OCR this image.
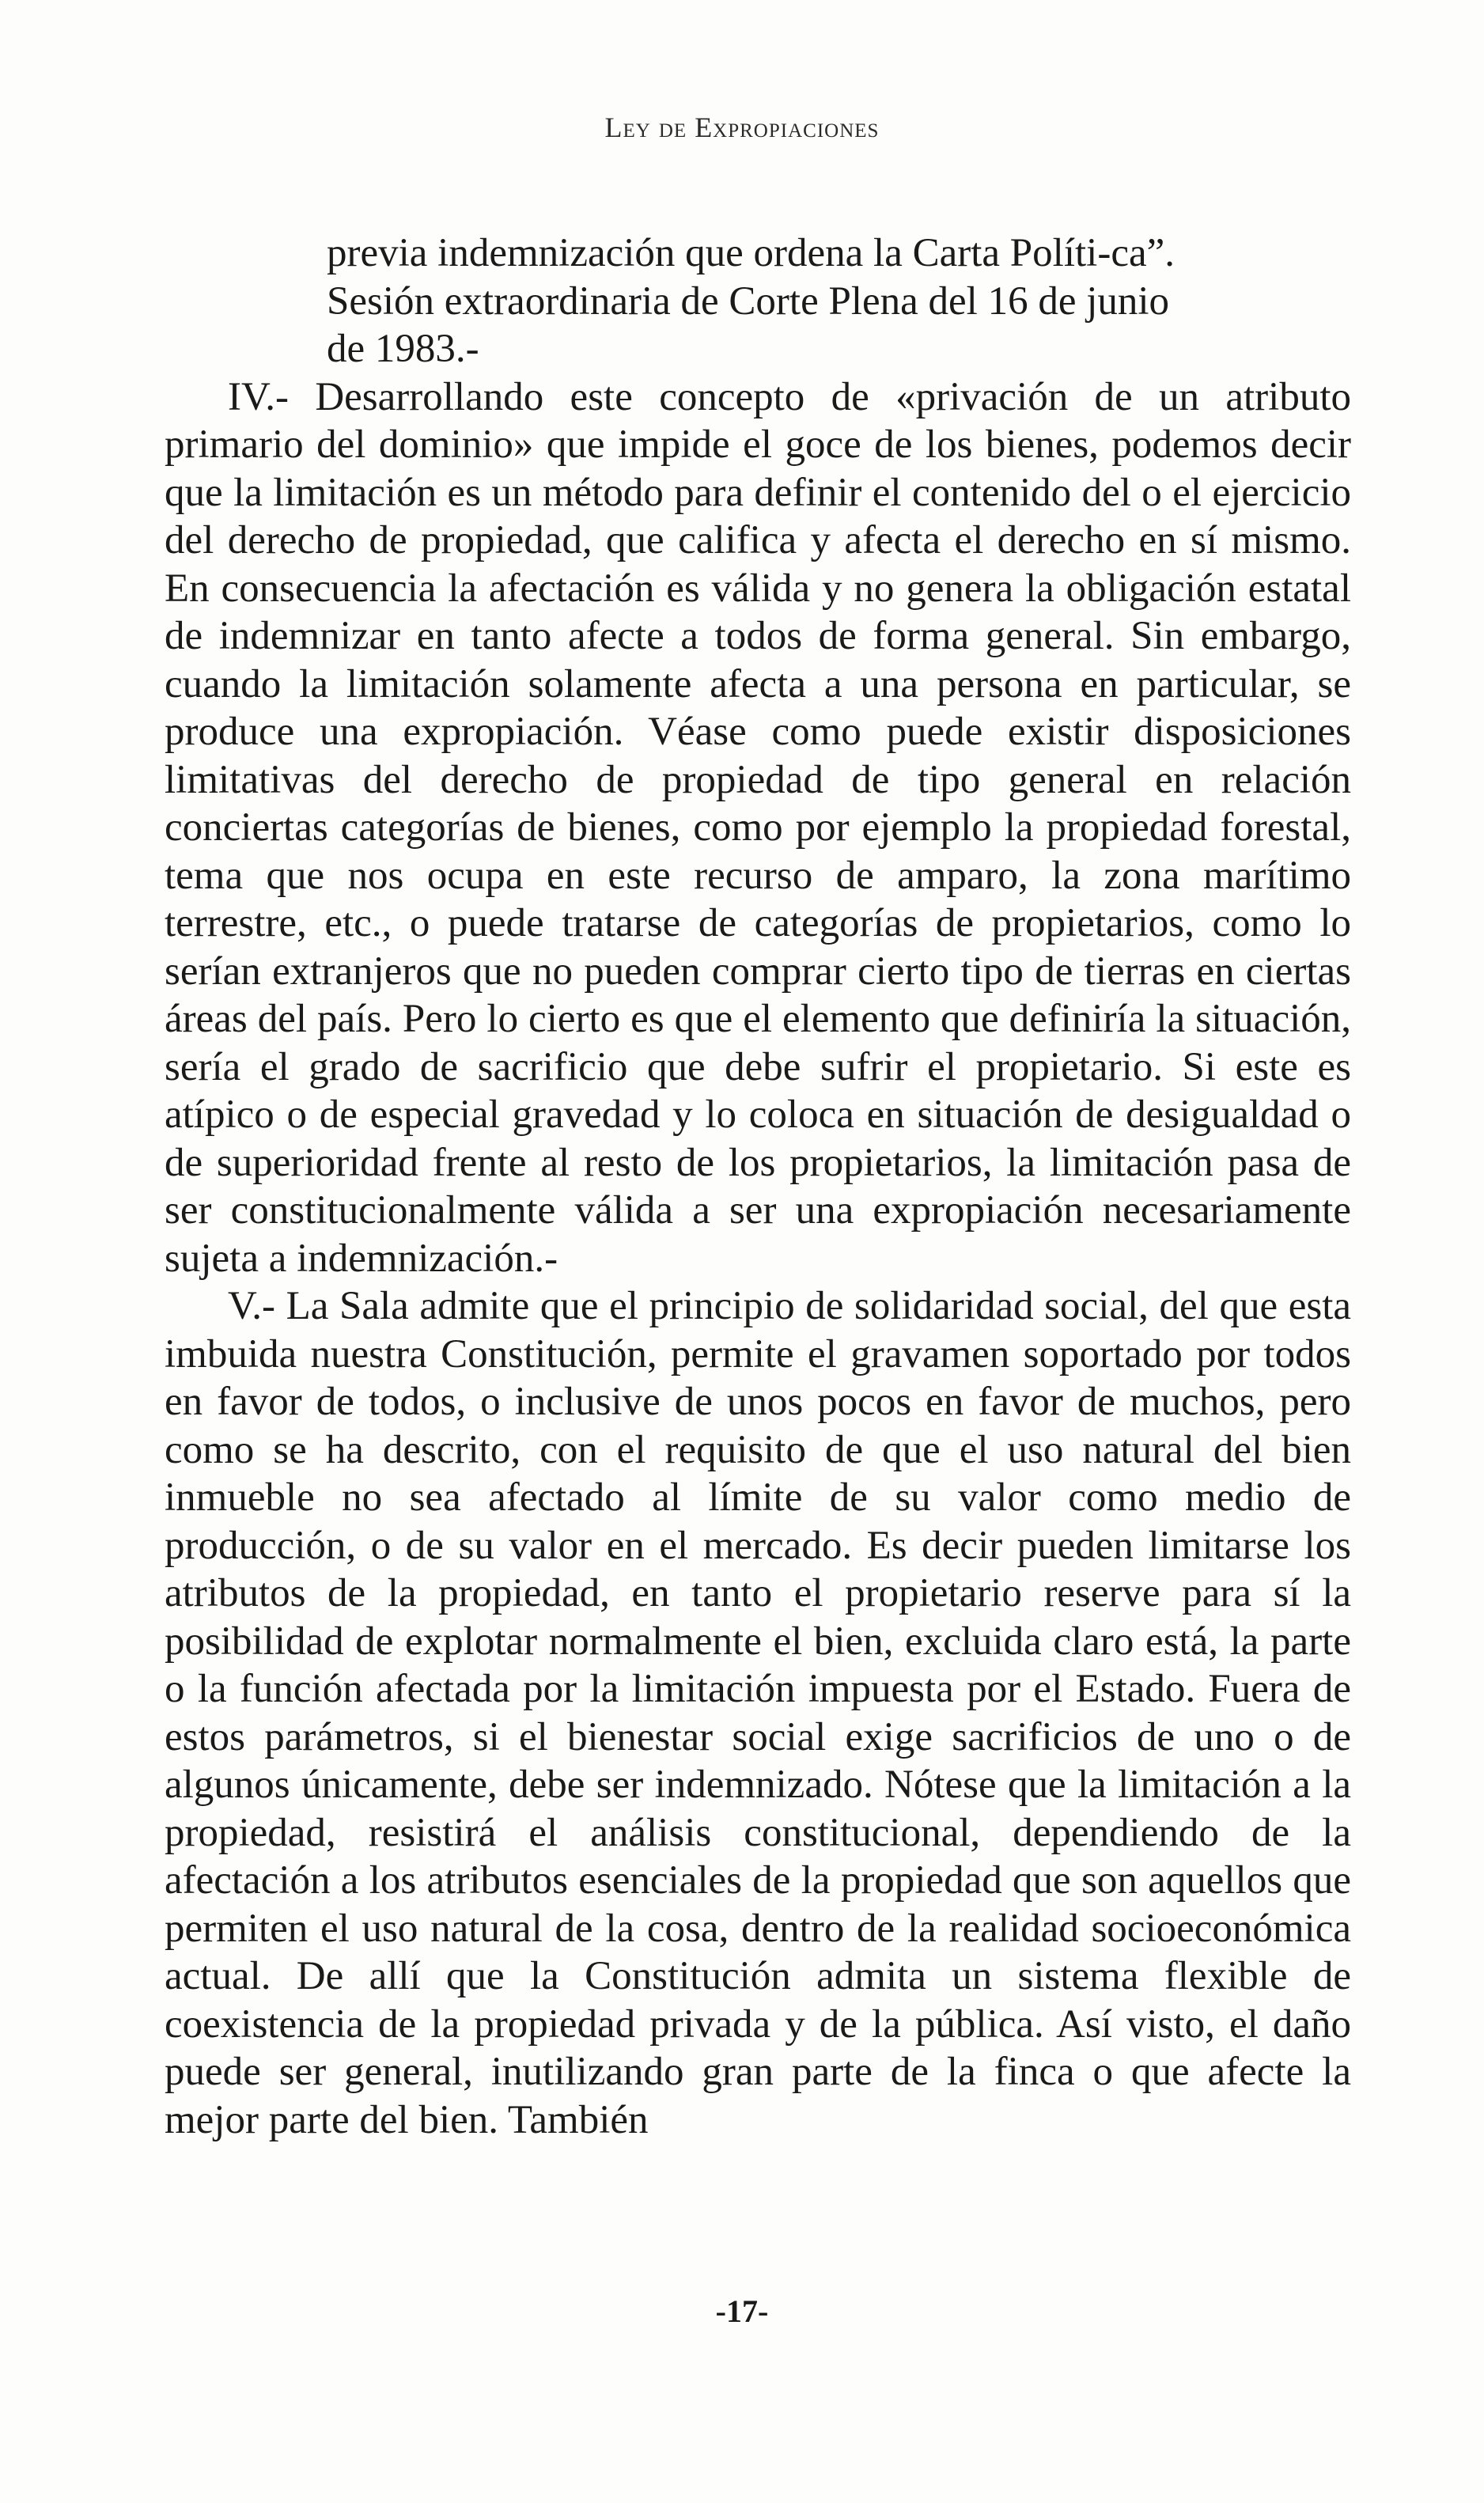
Ley de Expropiaciones

previa indemnización que ordena la Carta Políti-ca”. Sesión extraordinaria de Corte Plena del 16 de junio de 1983.-

IV.- Desarrollando este concepto de «privación de un atributo primario del dominio» que impide el goce de los bienes, podemos decir que la limitación es un método para definir el contenido del o el ejercicio del derecho de propiedad, que califica y afecta el derecho en sí mismo. En consecuencia la afectación es válida y no genera la obligación estatal de indemnizar en tanto afecte a todos de forma general. Sin embargo, cuando la limitación solamente afecta a una persona en particular, se produce una expropiación. Véase como puede existir disposiciones limitativas del derecho de propiedad de tipo general en relación conciertas categorías de bienes, como por ejemplo la propiedad forestal, tema que nos ocupa en este recurso de amparo, la zona marítimo terrestre, etc., o puede tratarse de categorías de propietarios, como lo serían extranjeros que no pueden comprar cierto tipo de tierras en ciertas áreas del país. Pero lo cierto es que el elemento que definiría la situación, sería el grado de sacrificio que debe sufrir el propietario. Si este es atípico o de especial gravedad y lo coloca en situación de desigualdad o de superioridad frente al resto de los propietarios, la limitación pasa de ser constitucionalmente válida a ser una expropiación necesariamente sujeta a indemnización.-

V.- La Sala admite que el principio de solidaridad social, del que esta imbuida nuestra Constitución, permite el gravamen soportado por todos en favor de todos, o inclusive de unos pocos en favor de muchos, pero como se ha descrito, con el requisito de que el uso natural del bien inmueble no sea afectado al límite de su valor como medio de producción, o de su valor en el mercado. Es decir pueden limitarse los atributos de la propiedad, en tanto el propietario reserve para sí la posibilidad de explotar normalmente el bien, excluida claro está, la parte o la función afectada por la limitación impuesta por el Estado. Fuera de estos parámetros, si el bienestar social exige sacrificios de uno o de algunos únicamente, debe ser indemnizado. Nótese que la limitación a la propiedad, resistirá el análisis constitucional, dependiendo de la afectación a los atributos esenciales de la propiedad que son aquellos que permiten el uso natural de la cosa, dentro de la realidad socioeconómica actual. De allí que la Constitución admita un sistema flexible de coexistencia de la propiedad privada y de la pública. Así visto, el daño puede ser general, inutilizando gran parte de la finca o que afecte la mejor parte del bien. También

-17-
